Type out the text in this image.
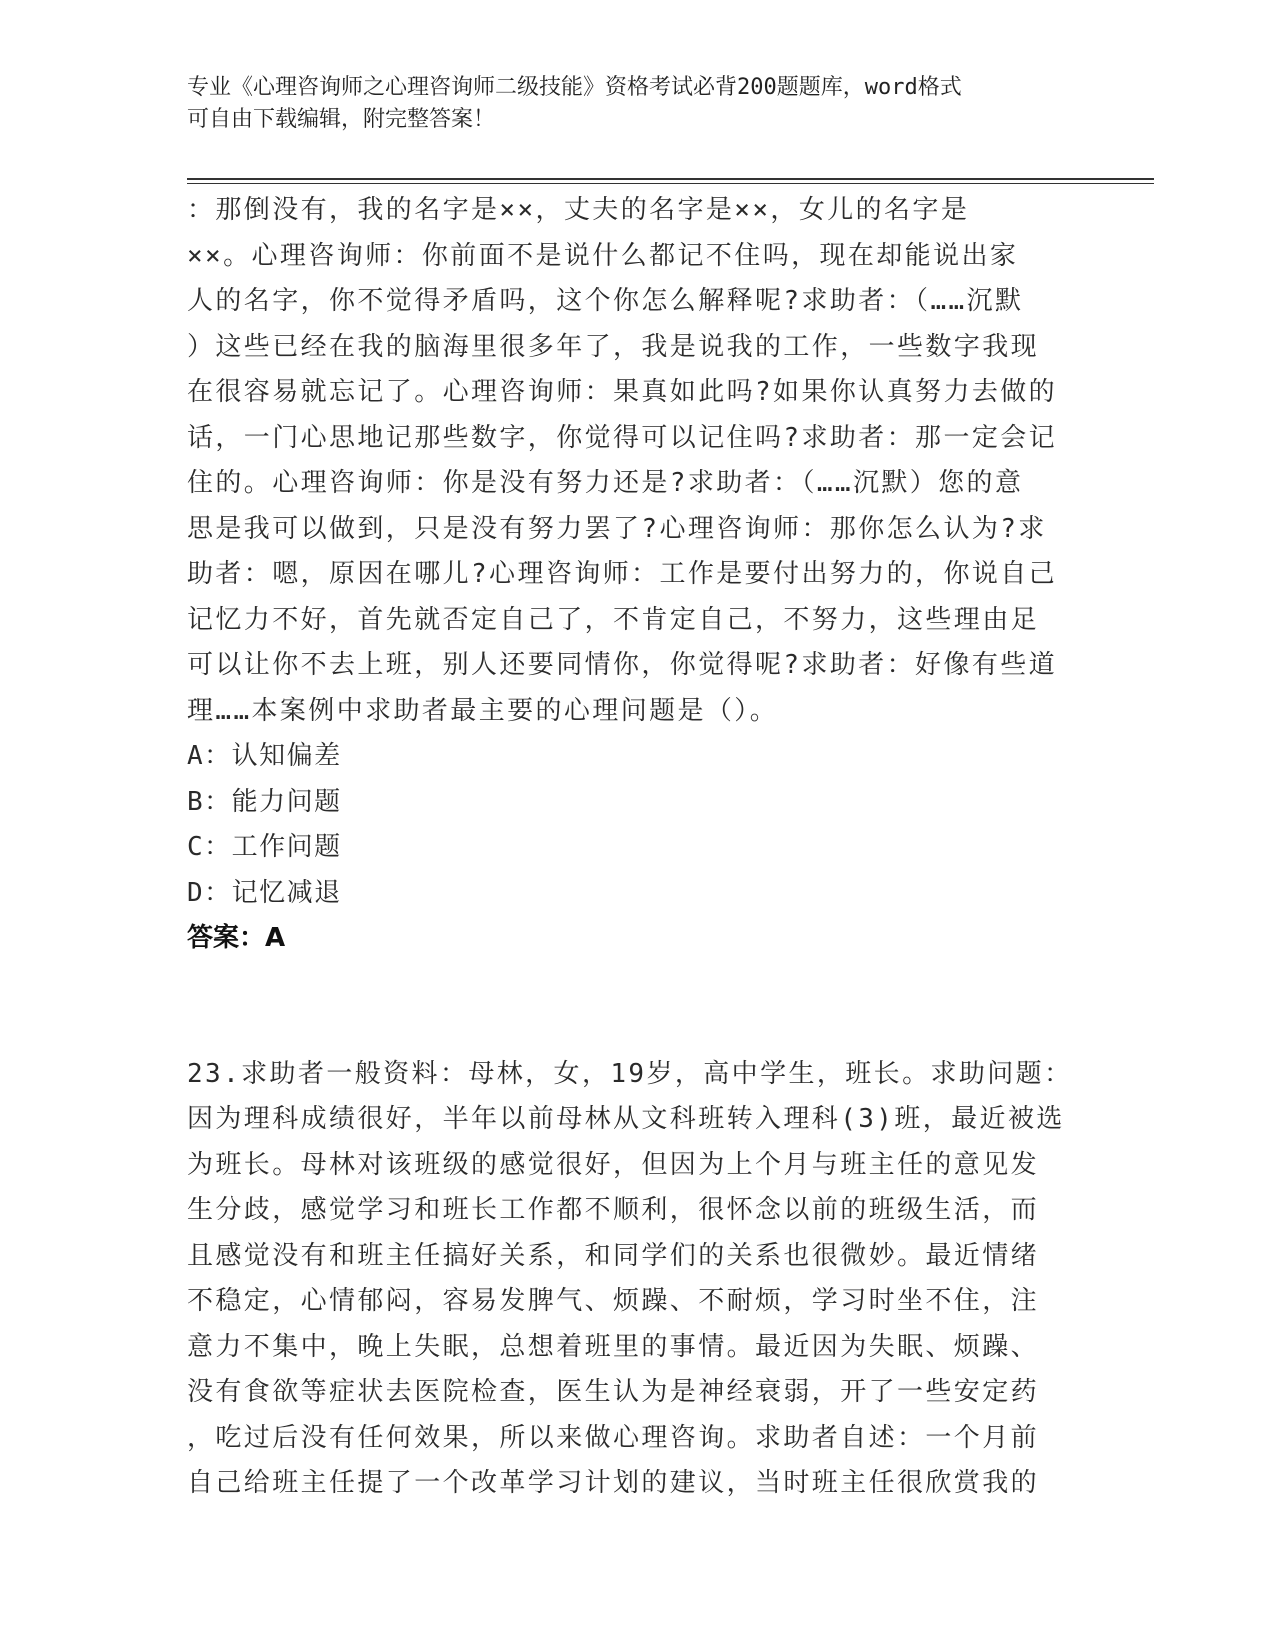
专业《心理咨询师之心理咨询师二级技能》资格考试必背200题题库，word格式
可自由下载编辑，附完整答案！
：那倒没有，我的名字是××，丈夫的名字是××，女儿的名字是
××。心理咨询师：你前面不是说什么都记不住吗，现在却能说出家
人的名字，你不觉得矛盾吗，这个你怎么解释呢?求助者：（……沉默
）这些已经在我的脑海里很多年了，我是说我的工作，一些数字我现
在很容易就忘记了。心理咨询师：果真如此吗?如果你认真努力去做的
话，一门心思地记那些数字，你觉得可以记住吗?求助者：那一定会记
住的。心理咨询师：你是没有努力还是?求助者：（……沉默）您的意
思是我可以做到，只是没有努力罢了?心理咨询师：那你怎么认为?求
助者：嗯，原因在哪儿?心理咨询师：工作是要付出努力的，你说自己
记忆力不好，首先就否定自己了，不肯定自己，不努力，这些理由足
可以让你不去上班，别人还要同情你，你觉得呢?求助者：好像有些道
理……本案例中求助者最主要的心理问题是（）。
A：认知偏差
B：能力问题
C：工作问题
D：记忆减退
答案：A
23.求助者一般资料：母林，女，19岁，高中学生，班长。求助问题：
因为理科成绩很好，半年以前母林从文科班转入理科(3)班，最近被选
为班长。母林对该班级的感觉很好，但因为上个月与班主任的意见发
生分歧，感觉学习和班长工作都不顺利，很怀念以前的班级生活，而
且感觉没有和班主任搞好关系，和同学们的关系也很微妙。最近情绪
不稳定，心情郁闷，容易发脾气、烦躁、不耐烦，学习时坐不住，注
意力不集中，晚上失眠，总想着班里的事情。最近因为失眠、烦躁、
没有食欲等症状去医院检查，医生认为是神经衰弱，开了一些安定药
，吃过后没有任何效果，所以来做心理咨询。求助者自述：一个月前
自己给班主任提了一个改革学习计划的建议，当时班主任很欣赏我的
